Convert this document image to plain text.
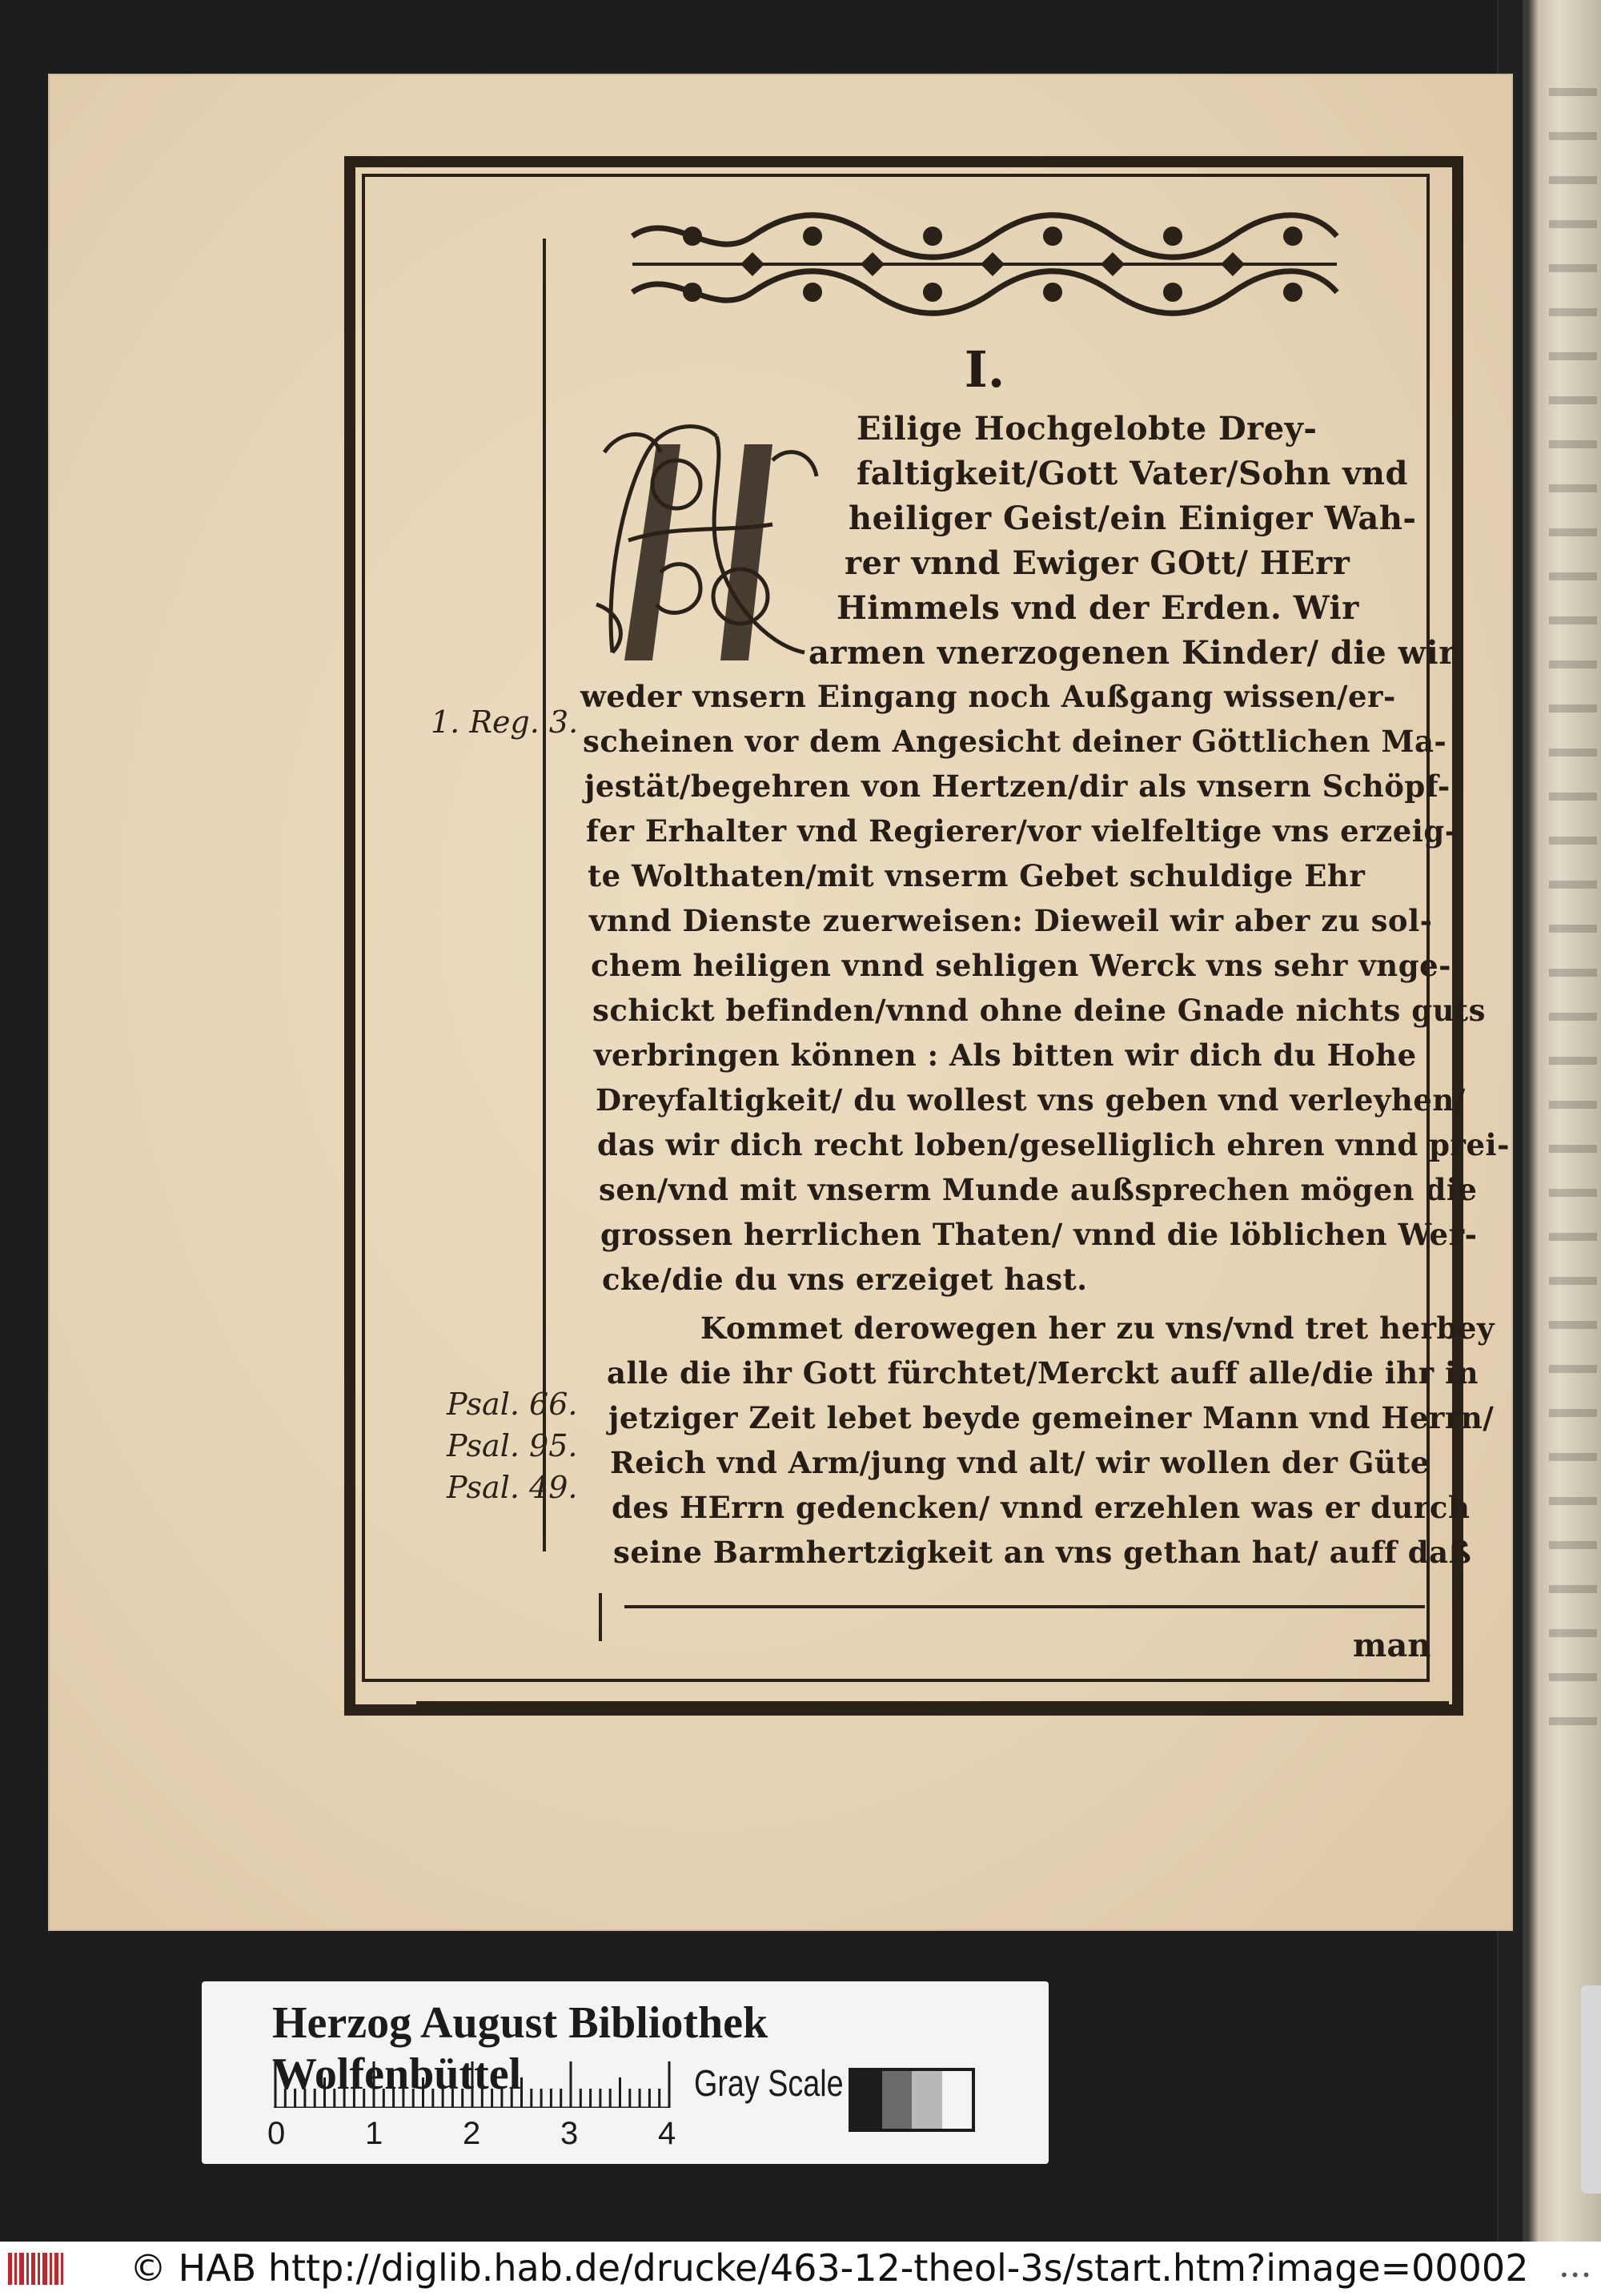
I.
Eilige Hochgelobte Drey-
faltigkeit/Gott Vater/Sohn vnd
heiliger Geist/ein Einiger Wah-
rer vnnd Ewiger GOtt/ HErr
Himmels vnd der Erden. Wir
armen vnerzogenen Kinder/ die wir
weder vnsern Eingang noch Außgang wissen/er-
scheinen vor dem Angesicht deiner Göttlichen Ma-
jestät/begehren von Hertzen/dir als vnsern Schöpf-
fer Erhalter vnd Regierer/vor vielfeltige vns erzeig-
te Wolthaten/mit vnserm Gebet schuldige Ehr
vnnd Dienste zuerweisen: Dieweil wir aber zu sol-
chem heiligen vnnd sehligen Werck vns sehr vnge-
schickt befinden/vnnd ohne deine Gnade nichts guts
verbringen können : Als bitten wir dich du Hohe
Dreyfaltigkeit/ du wollest vns geben vnd verleyhen/
das wir dich recht loben/geselliglich ehren vnnd prei-
sen/vnd mit vnserm Munde außsprechen mögen die
grossen herrlichen Thaten/ vnnd die löblichen Wer-
cke/die du vns erzeiget hast.
Kommet derowegen her zu vns/vnd tret herbey
alle die ihr Gott fürchtet/Merckt auff alle/die ihr in
jetziger Zeit lebet beyde gemeiner Mann vnd Herrn/
Reich vnd Arm/jung vnd alt/ wir wollen der Güte
des HErrn gedencken/ vnnd erzehlen was er durch
seine Barmhertzigkeit an vns gethan hat/ auff daß
1. Reg. 3.
Psal. 66.
Psal. 95.
Psal. 49.
man
Herzog August Bibliothek Wolfenbüttel
0 1 2 3 4
Gray Scale
© HAB http://diglib.hab.de/drucke/463-12-theol-3s/start.htm?image=00002 •••
